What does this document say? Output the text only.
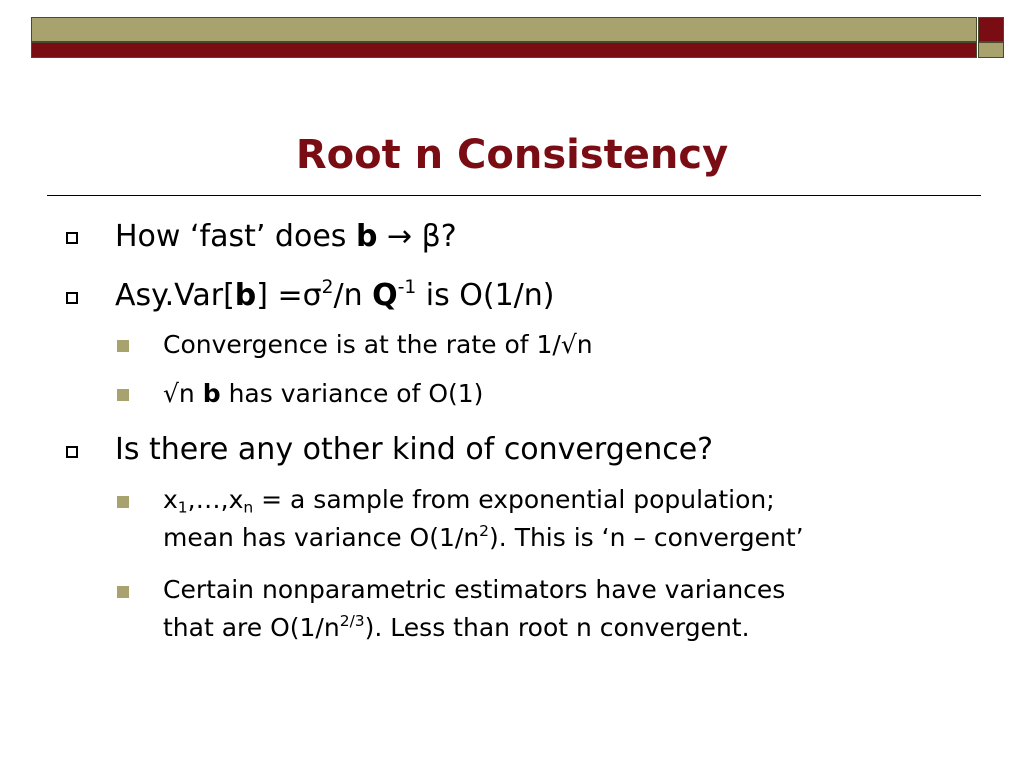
Root n Consistency
How ‘fast’ does b → β?
$Asy.Var[b] =\sigma^2/n$ $Q^{-1}$ is O(1/n)
Convergence is at the rate of 1/√n
√n b has variance of O(1)
Is there any other kind of convergence?
$x_1,\dots,x_n = a$ sample from exponential population;
mean has variance $O(1/n^2)$. This is ‘n – convergent’
Certain nonparametric estimators have variances
that are $O(1/n^{2/3})$. Less than root n convergent.
